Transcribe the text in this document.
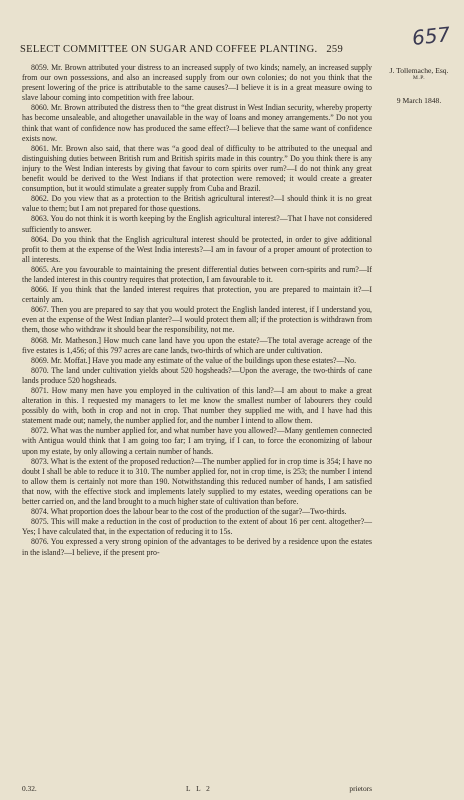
SELECT COMMITTEE ON SUGAR AND COFFEE PLANTING. 259	657
J. Tollemache, Esq.
M.P.
9 March 1848.

8059. Mr. Brown attributed your distress to an increased supply of two kinds; namely, an increased supply from our own possessions, and also an increased supply from our own colonies; do not you think that the present lowering of the price is attributable to the same causes?—I believe it is in a great measure owing to slave labour coming into competition with free labour.

8060. Mr. Brown attributed the distress then to “the great distrust in West Indian security, whereby property has become unsaleable, and altogether unavailable in the way of loans and money arrangements.” Do not you think that want of confidence now has produced the same effect?—I believe that the same want of confidence exists now.

8061. Mr. Brown also said, that there was “a good deal of difficulty to be attributed to the unequal and distinguishing duties between British rum and British spirits made in this country.” Do you think there is any injury to the West Indian interests by giving that favour to corn spirits over rum?—I do not think any great benefit would be derived to the West Indians if that protection were removed; it would create a greater consumption, but it would stimulate a greater supply from Cuba and Brazil.

8062. Do you view that as a protection to the British agricultural interest?—I should think it is no great value to them; but I am not prepared for those questions.

8063. You do not think it is worth keeping by the English agricultural interest?—That I have not considered sufficiently to answer.

8064. Do you think that the English agricultural interest should be protected, in order to give additional profit to them at the expense of the West India interests?—I am in favour of a proper amount of protection to all interests.

8065. Are you favourable to maintaining the present differential duties between corn-spirits and rum?—If the landed interest in this country requires that protection, I am favourable to it.

8066. If you think that the landed interest requires that protection, you are prepared to maintain it?—I certainly am.

8067. Then you are prepared to say that you would protect the English landed interest, if I understand you, even at the expense of the West Indian planter?—I would protect them all; if the protection is withdrawn from them, those who withdraw it should bear the responsibility, not me.

8068. Mr. Matheson.] How much cane land have you upon the estate?—The total average acreage of the five estates is 1,456; of this 797 acres are cane lands, two-thirds of which are under cultivation.

8069. Mr. Moffat.] Have you made any estimate of the value of the buildings upon these estates?—No.

8070. The land under cultivation yields about 520 hogsheads?—Upon the average, the two-thirds of cane lands produce 520 hogsheads.

8071. How many men have you employed in the cultivation of this land?—I am about to make a great alteration in this. I requested my managers to let me know the smallest number of labourers they could possibly do with, both in crop and not in crop. That number they supplied me with, and I have had this statement made out; namely, the number applied for, and the number I intend to allow them.

8072. What was the number applied for, and what number have you allowed?—Many gentlemen connected with Antigua would think that I am going too far; I am trying, if I can, to force the economizing of labour upon my estate, by only allowing a certain number of hands.

8073. What is the extent of the proposed reduction?—The number applied for in crop time is 354; I have no doubt I shall be able to reduce it to 310. The number applied for, not in crop time, is 253; the number I intend to allow them is certainly not more than 190. Notwithstanding this reduced number of hands, I am satisfied that now, with the effective stock and implements lately supplied to my estates, weeding operations can be better carried on, and the land brought to a much higher state of cultivation than before.

8074. What proportion does the labour bear to the cost of the production of the sugar?—Two-thirds.

8075. This will make a reduction in the cost of production to the extent of about 16 per cent. altogether?—Yes; I have calculated that, in the expectation of reducing it to 15s.

8076. You expressed a very strong opinion of the advantages to be derived by a residence upon the estates in the island?—I believe, if the present pro-

0.32.	L L 2	prietors
